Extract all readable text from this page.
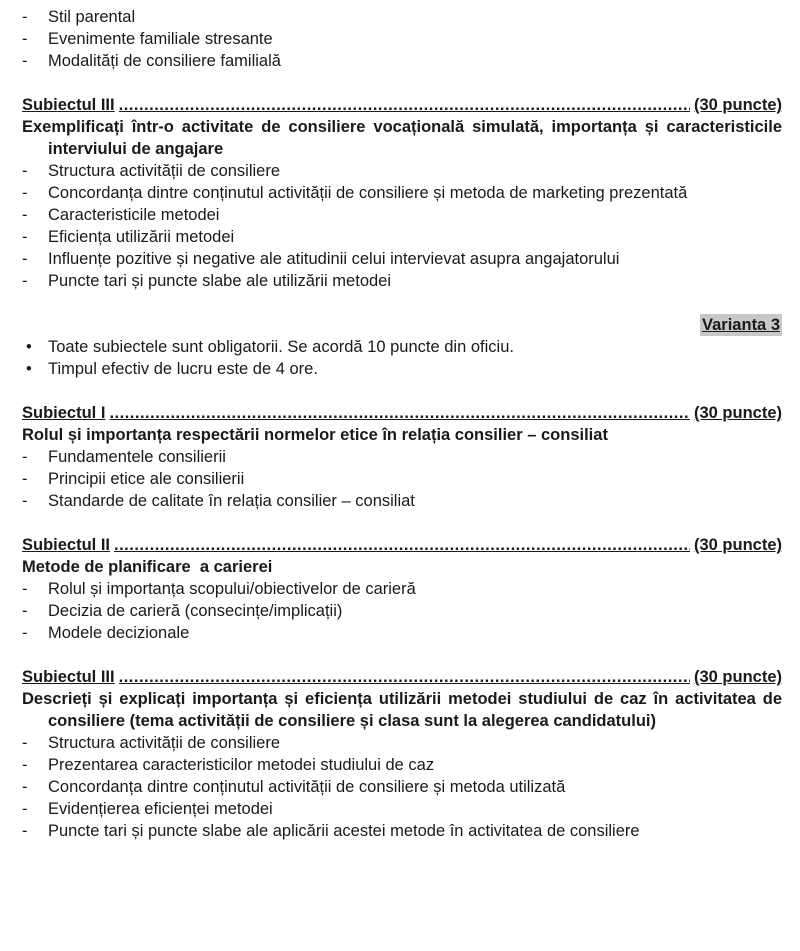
- Stil parental
- Evenimente familiale stresante
- Modalități de consiliere familială
Subiectul III .....	(30 puncte)
Exemplificați într-o activitate de consiliere vocațională simulată, importanța și caracteristicile interviului de angajare
- Structura activității de consiliere
- Concordanța dintre conținutul activității de consiliere și metoda de marketing prezentată
- Caracteristicile metodei
- Eficiența utilizării metodei
- Influențe pozitive și negative ale atitudinii celui intervievat asupra angajatorului
- Puncte tari și puncte slabe ale utilizării metodei
Varianta 3
• Toate subiectele sunt obligatorii. Se acordă 10 puncte din oficiu.
• Timpul efectiv de lucru este de 4 ore.
Subiectul I .....	(30 puncte)
Rolul și importanța respectării normelor etice în relația consilier – consiliat
- Fundamentele consilierii
- Principii etice ale consilierii
- Standarde de calitate în relația consilier – consiliat
Subiectul II .....	(30 puncte)
Metode de planificare  a carierei
- Rolul și importanța scopului/obiectivelor de carieră
- Decizia de carieră (consecințe/implicații)
- Modele decizionale
Subiectul III .....	(30 puncte)
Descrieți și explicați importanța și eficiența utilizării metodei studiului de caz în activitatea de consiliere (tema activității de consiliere și clasa sunt la alegerea candidatului)
- Structura activității de consiliere
- Prezentarea caracteristicilor metodei studiului de caz
- Concordanța dintre conținutul activității de consiliere și metoda utilizată
- Evidențierea eficienței metodei
- Puncte tari și puncte slabe ale aplicării acestei metode în activitatea de consiliere
